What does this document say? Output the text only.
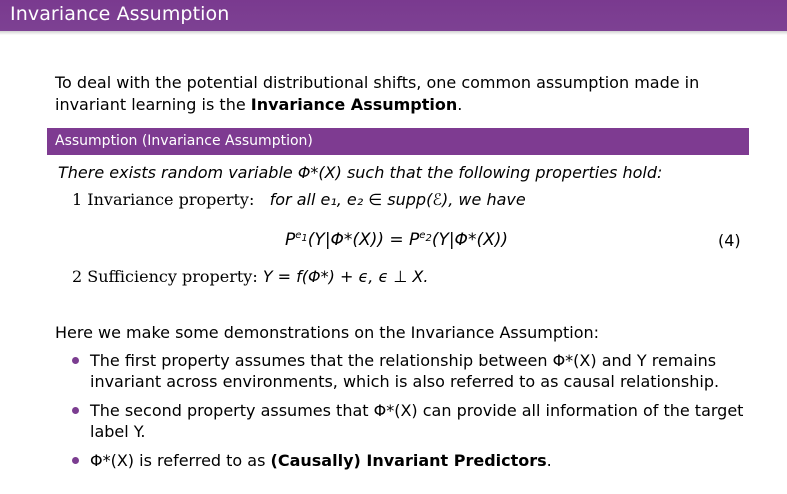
Invariance Assumption
To deal with the potential distributional shifts, one common assumption made in invariant learning is the Invariance Assumption.
Assumption (Invariance Assumption)
There exists random variable Φ*(X) such that the following properties hold:
1 Invariance property: for all e₁, e₂ ∈ supp(ℰ), we have
$P^{e_1}(Y|\Phi*(X)) = P^{e_2}(Y|\Phi*(X))$	(4)
2 Sufficiency property: Y = f(Φ*) + ϵ, ϵ ⊥ X.
Here we make some demonstrations on the Invariance Assumption:
The first property assumes that the relationship between Φ*(X) and Y remains invariant across environments, which is also referred to as causal relationship.
The second property assumes that Φ*(X) can provide all information of the target label Y.
Φ*(X) is referred to as (Causally) Invariant Predictors.
